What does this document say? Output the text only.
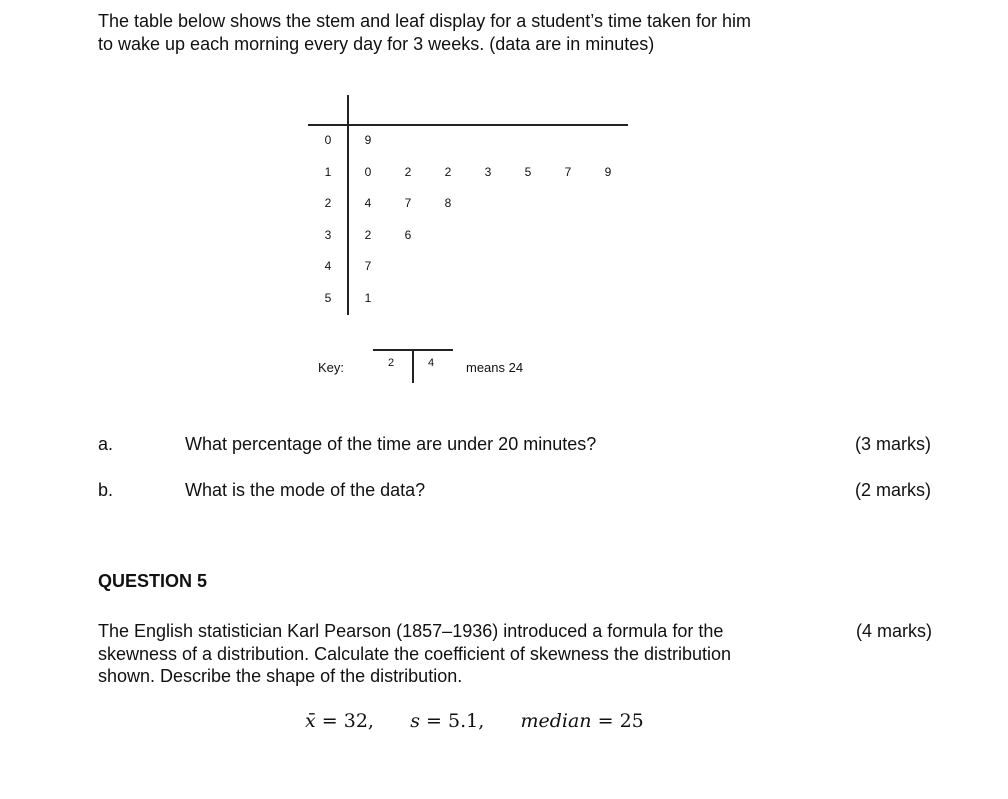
The table below shows the stem and leaf display for a student’s time taken for him

to wake up each morning every day for 3 weeks. (data are in minutes)

0	9
1	0	2	2	3	5	7	9
2	4	7	8
3	2	6
4	7
5	1
Key:	2	4 means 24
a.	What percentage of the time are under 20 minutes?	(3 marks)
b.	What is the mode of the data?	(2 marks)
QUESTION 5

The English statistician Karl Pearson (1857–1936) introduced a formula for the

skewness of a distribution. Calculate the coefficient of skewness the distribution

shown. Describe the shape of the distribution.

(4 marks)
x̄ = 32, s = 5.1, median = 25
